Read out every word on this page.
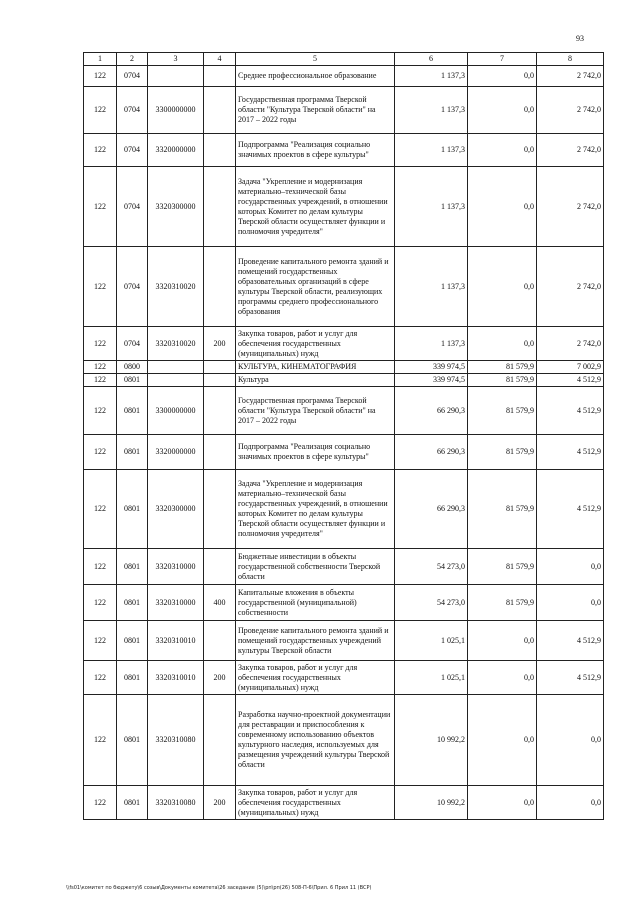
93
1	2	3	4	5	6	7	8
122	0704			Среднее профессиональное образование	1 137,3	0,0	2 742,0
122	0704	3300000000		Государственная программа Тверской области "Культура Тверской области" на 2017 – 2022 годы	1 137,3	0,0	2 742,0
122	0704	3320000000		Подпрограмма "Реализация социально значимых проектов в сфере культуры"	1 137,3	0,0	2 742,0
122	0704	3320300000		Задача "Укрепление и модернизация материально–технической базы государственных учреждений, в отношении которых Комитет по делам культуры Тверской области осуществляет функции и полномочия учредителя"	1 137,3	0,0	2 742,0
122	0704	3320310020		Проведение капитального ремонта зданий и помещений государственных образовательных организаций в сфере культуры Тверской области, реализующих программы среднего профессионального образования	1 137,3	0,0	2 742,0
122	0704	3320310020	200	Закупка товаров, работ и услуг для обеспечения государственных (муниципальных) нужд	1 137,3	0,0	2 742,0
122	0800			КУЛЬТУРА, КИНЕМАТОГРАФИЯ	339 974,5	81 579,9	7 002,9
122	0801			Культура	339 974,5	81 579,9	4 512,9
122	0801	3300000000		Государственная программа Тверской области "Культура Тверской области" на 2017 – 2022 годы	66 290,3	81 579,9	4 512,9
122	0801	3320000000		Подпрограмма "Реализация социально значимых проектов в сфере культуры"	66 290,3	81 579,9	4 512,9
122	0801	3320300000		Задача "Укрепление и модернизация материально–технической базы государственных учреждений, в отношении которых Комитет по делам культуры Тверской области осуществляет функции и полномочия учредителя"	66 290,3	81 579,9	4 512,9
122	0801	3320310000		Бюджетные инвестиции в объекты государственной собственности Тверской области	54 273,0	81 579,9	0,0
122	0801	3320310000	400	Капитальные вложения в объекты государственной (муниципальной) собственности	54 273,0	81 579,9	0,0
122	0801	3320310010		Проведение капитального ремонта зданий и помещений государственных учреждений культуры Тверской области	1 025,1	0,0	4 512,9
122	0801	3320310010	200	Закупка товаров, работ и услуг для обеспечения государственных (муниципальных) нужд	1 025,1	0,0	4 512,9
122	0801	3320310080		Разработка научно-проектной документации для реставрации и приспособления к современному использованию объектов культурного наследия, используемых для размещения учреждений культуры Тверской области	10 992,2	0,0	0,0
122	0801	3320310080	200	Закупка товаров, работ и услуг для обеспечения государственных (муниципальных) нужд	10 992,2	0,0	0,0
\\fs01\комитет по бюджету\6 созыв\Документы комитета\26 заседание (5)\рп\рп(26) 508-П-6\Прил. 6 Прил 11 (ВСР)
